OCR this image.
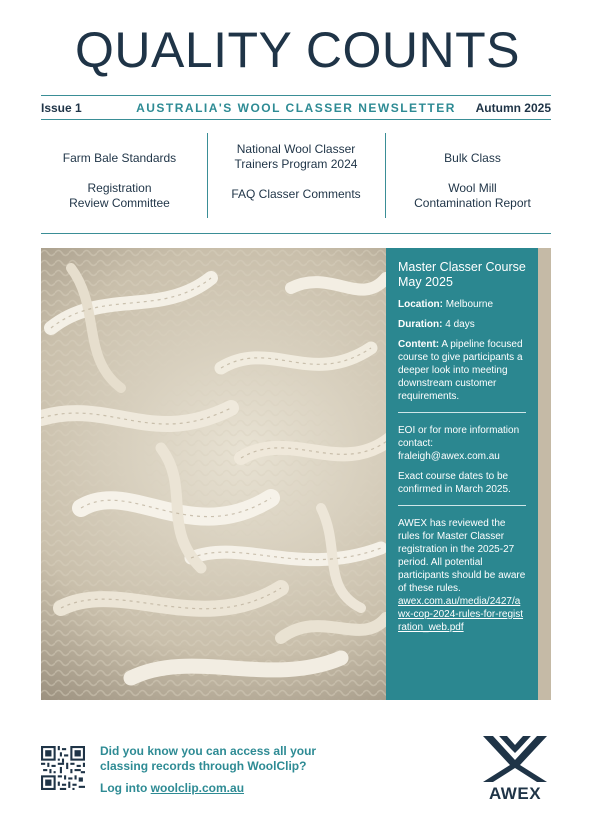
QUALITY COUNTS
Issue 1	AUSTRALIA'S WOOL CLASSER NEWSLETTER	Autumn 2025
Farm Bale Standards
Registration
Review Committee
National Wool Classer
Trainers Program 2024
FAQ Classer Comments
Bulk Class
Wool Mill
Contamination Report
Master Classer Course May 2025

Location: Melbourne

Duration: 4 days

Content: A pipeline focused course to give participants a deeper look into meeting downstream customer requirements.

EOI or for more information contact:

fraleigh@awex.com.au

Exact course dates to be confirmed in March 2025.

AWEX has reviewed the rules for Master Classer registration in the 2025-27 period. All potential participants should be aware of these rules.

awex.com.au/media/2427/awx-cop-2024-rules-for-registration_web.pdf

Did you know you can access all your classing records through WoolClip?
Log into woolclip.com.au	AWEX
